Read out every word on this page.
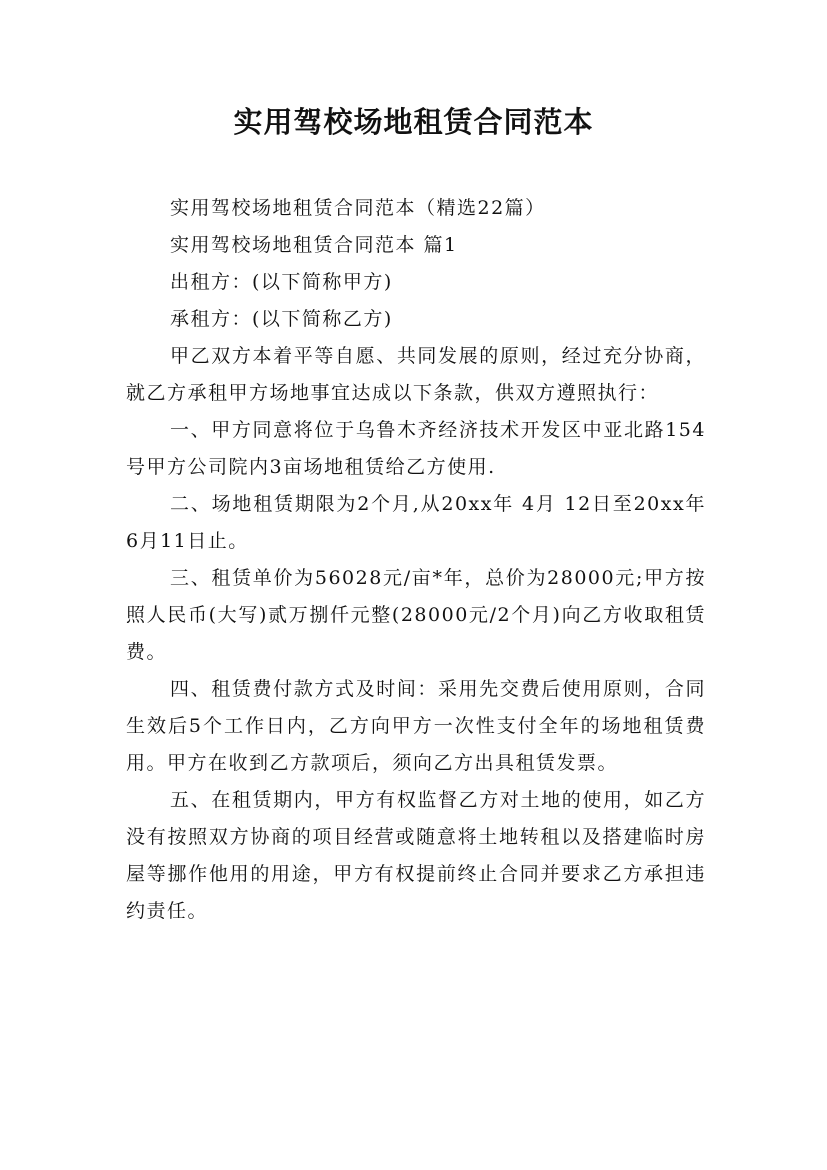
实用驾校场地租赁合同范本

实用驾校场地租赁合同范本（精选22篇）

实用驾校场地租赁合同范本 篇1

出租方：(以下简称甲方)

承租方：(以下简称乙方)

甲乙双方本着平等自愿、共同发展的原则，经过充分协商，就乙方承租甲方场地事宜达成以下条款，供双方遵照执行：

一、甲方同意将位于乌鲁木齐经济技术开发区中亚北路154号甲方公司院内3亩场地租赁给乙方使用.

二、场地租赁期限为2个月,从20xx年 4月 12日至20xx年6月11日止。

三、租赁单价为56028元/亩*年，总价为28000元;甲方按照人民币(大写)贰万捌仟元整(28000元/2个月)向乙方收取租赁费。

四、租赁费付款方式及时间：采用先交费后使用原则，合同生效后5个工作日内，乙方向甲方一次性支付全年的场地租赁费用。甲方在收到乙方款项后，须向乙方出具租赁发票。

五、在租赁期内，甲方有权监督乙方对土地的使用，如乙方没有按照双方协商的项目经营或随意将土地转租以及搭建临时房屋等挪作他用的用途，甲方有权提前终止合同并要求乙方承担违约责任。
